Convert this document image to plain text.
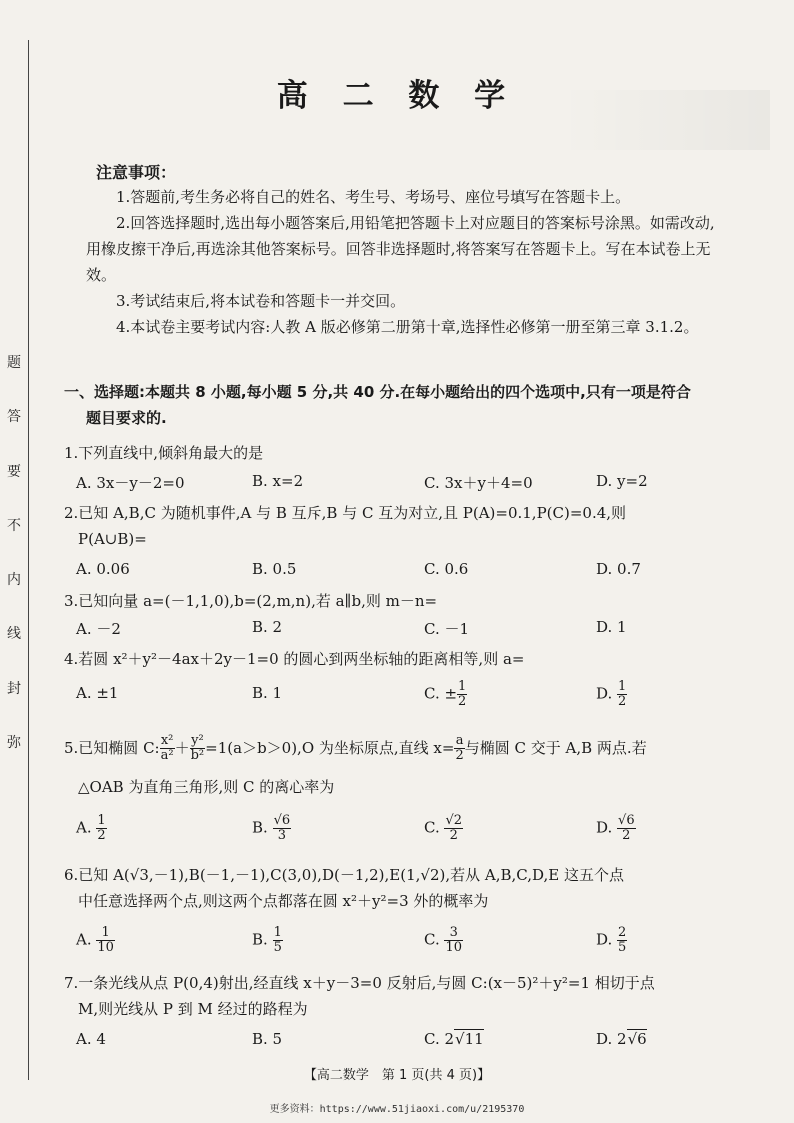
题
答
要
不
内
线
封
弥
高 二 数 学
注意事项：

1.答题前,考生务必将自己的姓名、考生号、考场号、座位号填写在答题卡上。

2.回答选择题时,选出每小题答案后,用铅笔把答题卡上对应题目的答案标号涂黑。如需改动,用橡皮擦干净后,再选涂其他答案标号。回答非选择题时,将答案写在答题卡上。写在本试卷上无效。

3.考试结束后,将本试卷和答题卡一并交回。

4.本试卷主要考试内容:人教 A 版必修第二册第十章,选择性必修第一册至第三章 3.1.2。

一、选择题:本题共 8 小题,每小题 5 分,共 40 分.在每小题给出的四个选项中,只有一项是符合
题目要求的.
1.下列直线中,倾斜角最大的是
A. 3x－y－2=0	B. x=2	C. 3x＋y＋4=0	D. y=2
2.已知 A,B,C 为随机事件,A 与 B 互斥,B 与 C 互为对立,且 P(A)=0.1,P(C)=0.4,则
P(A∪B)=
A. 0.06	B. 0.5	C. 0.6	D. 0.7
3.已知向量 a=(－1,1,0),b=(2,m,n),若 a∥b,则 m－n=
A. －2	B. 2	C. －1	D. 1
4.若圆 x²＋y²－4ax＋2y－1=0 的圆心到两坐标轴的距离相等,则 a=
A. ±1	B. 1	C. ± $\frac{1}{2}$	D. $\frac{1}{2}$
5.已知椭圆 C: $\frac{\text{x²}}{\text{a²}} + \frac{\text{y²}}{\text{b²}} =1(a>b>0),O$ 为坐标原点,直线 $x= \frac{a}{2}$ 与椭圆 C 交于 A,B 两点.若
△OAB 为直角三角形,则 C 的离心率为
A. $\frac{1}{2}$	B. $\frac{√6}{3}$	C. $\frac{√2}{2}$	D. $\frac{√6}{2}$
6.已知 A(√3,－1),B(－1,－1),C(3,0),D(－1,2),E(1,√2),若从 A,B,C,D,E 这五个点
中任意选择两个点,则这两个点都落在圆 x²＋y²=3 外的概率为
A. $\frac{1}{10}$	B. $\frac{1}{5}$	C. $\frac{3}{10}$	D. $\frac{2}{5}$
7.一条光线从点 P(0,4)射出,经直线 x＋y－3=0 反射后,与圆 C:(x－5)²＋y²=1 相切于点
M,则光线从 P 到 M 经过的路程为
A. 4	B. 5	C. 2√11	D. 2√6
【高二数学　第 1 页(共 4 页)】
更多资料：https://www.51jiaoxi.com/u/2195370
